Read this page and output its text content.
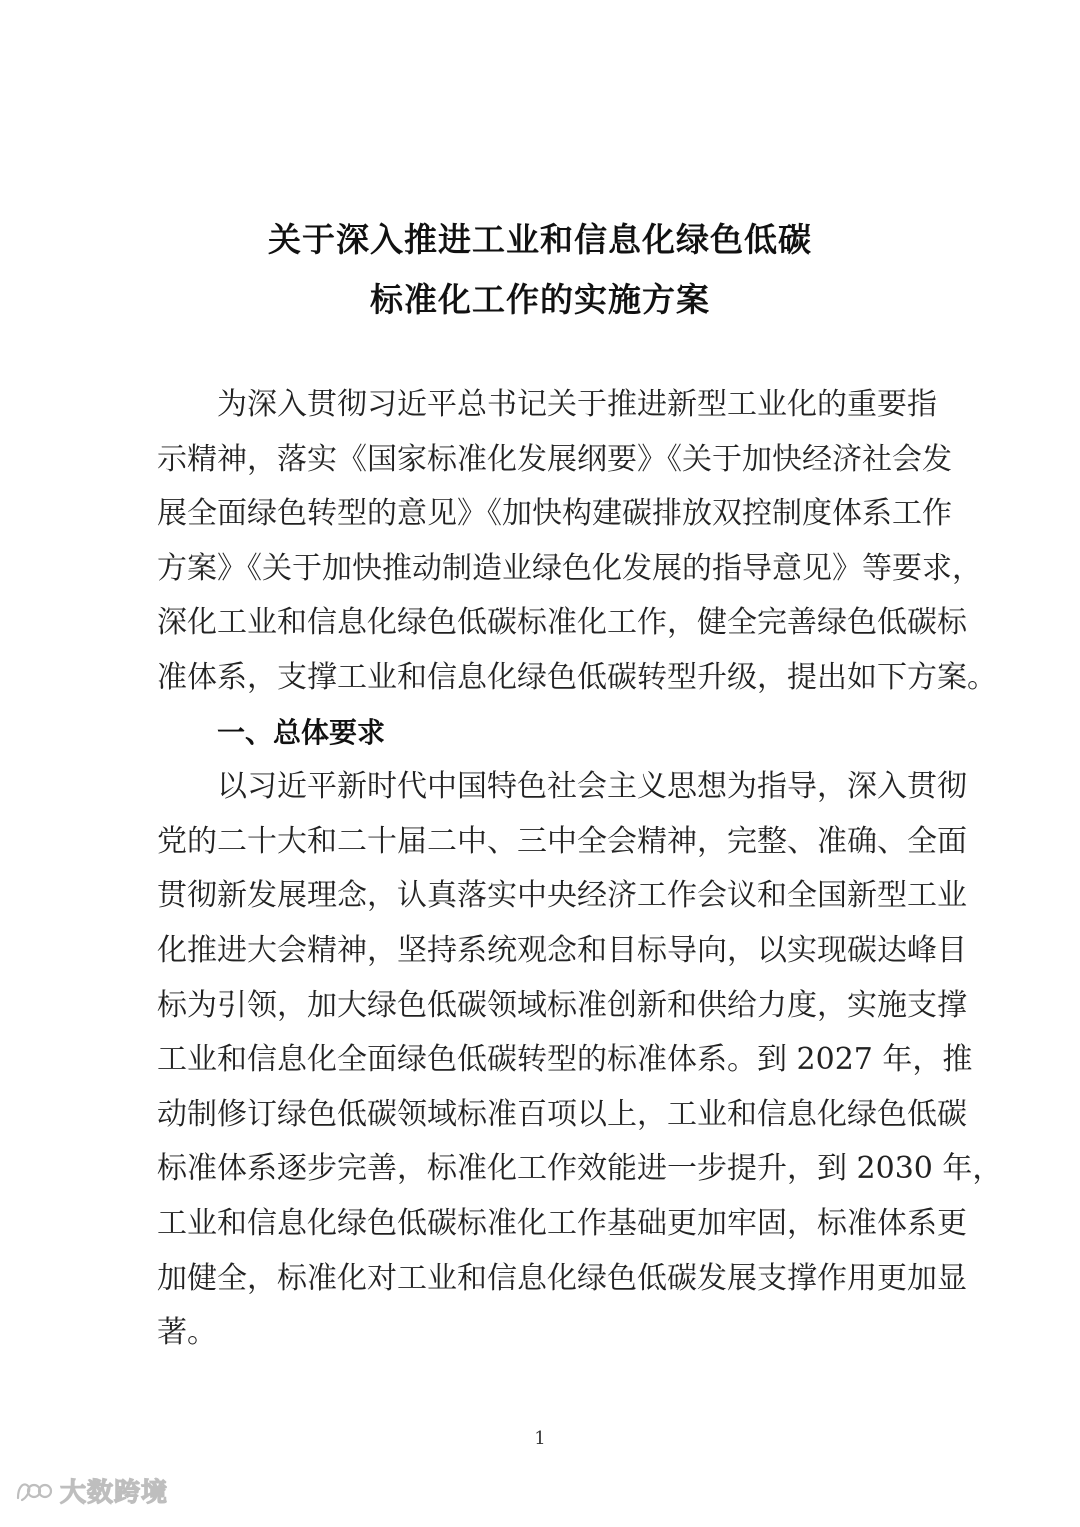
关于深入推进工业和信息化绿色低碳
标准化工作的实施方案
为深入贯彻习近平总书记关于推进新型工业化的重要指
示精神，落实《国家标准化发展纲要》《关于加快经济社会发
展全面绿色转型的意见》《加快构建碳排放双控制度体系工作
方案》《关于加快推动制造业绿色化发展的指导意见》等要求，
深化工业和信息化绿色低碳标准化工作，健全完善绿色低碳标
准体系，支撑工业和信息化绿色低碳转型升级，提出如下方案。
一、总体要求
以习近平新时代中国特色社会主义思想为指导，深入贯彻
党的二十大和二十届二中、三中全会精神，完整、准确、全面
贯彻新发展理念，认真落实中央经济工作会议和全国新型工业
化推进大会精神，坚持系统观念和目标导向，以实现碳达峰目
标为引领，加大绿色低碳领域标准创新和供给力度，实施支撑
工业和信息化全面绿色低碳转型的标准体系。到 2027 年，推
动制修订绿色低碳领域标准百项以上，工业和信息化绿色低碳
标准体系逐步完善，标准化工作效能进一步提升，到 2030 年，
工业和信息化绿色低碳标准化工作基础更加牢固，标准体系更
加健全，标准化对工业和信息化绿色低碳发展支撑作用更加显
著。
1
大数跨境
